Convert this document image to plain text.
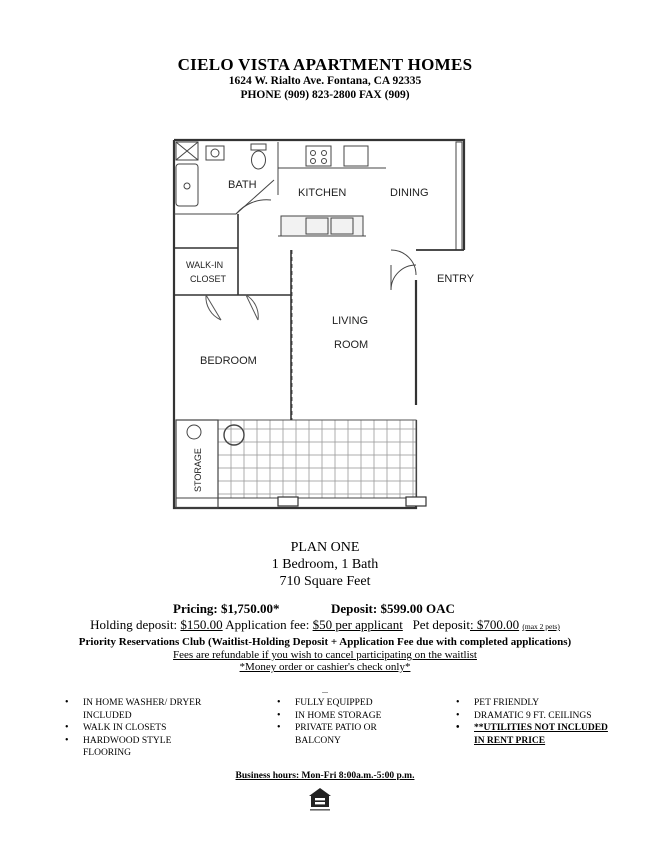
CIELO VISTA APARTMENT HOMES
1624 W. Rialto Ave. Fontana, CA 92335
PHONE (909) 823-2800 FAX (909)
BATH
KITCHEN	DINING
ENTRY
WALK-IN
CLOSET
LIVING
ROOM
BEDROOM
STORAGE
PLAN ONE
1 Bedroom, 1 Bath
710 Square Feet
Pricing: $1,750.00*	Deposit: $599.00 OAC
Holding deposit: $150.00 Application fee: $50 per applicant   Pet deposit: $700.00 (max 2 pets)
Priority Reservations Club (Waitlist-Holding Deposit + Application Fee due with completed applications)
Fees are refundable if you wish to cancel participating on the waitlist
*Money order or cashier's check only*
...
• IN HOME WASHER/ DRYER INCLUDED
• WALK IN CLOSETS
• HARDWOOD STYLE FLOORING
• FULLY EQUIPPED
• IN HOME STORAGE
• PRIVATE PATIO OR BALCONY
• PET FRIENDLY
• DRAMATIC 9 FT. CEILINGS
• **UTILITIES NOT INCLUDED IN RENT PRICE
Business hours: Mon-Fri 8:00a.m.-5:00 p.m.
